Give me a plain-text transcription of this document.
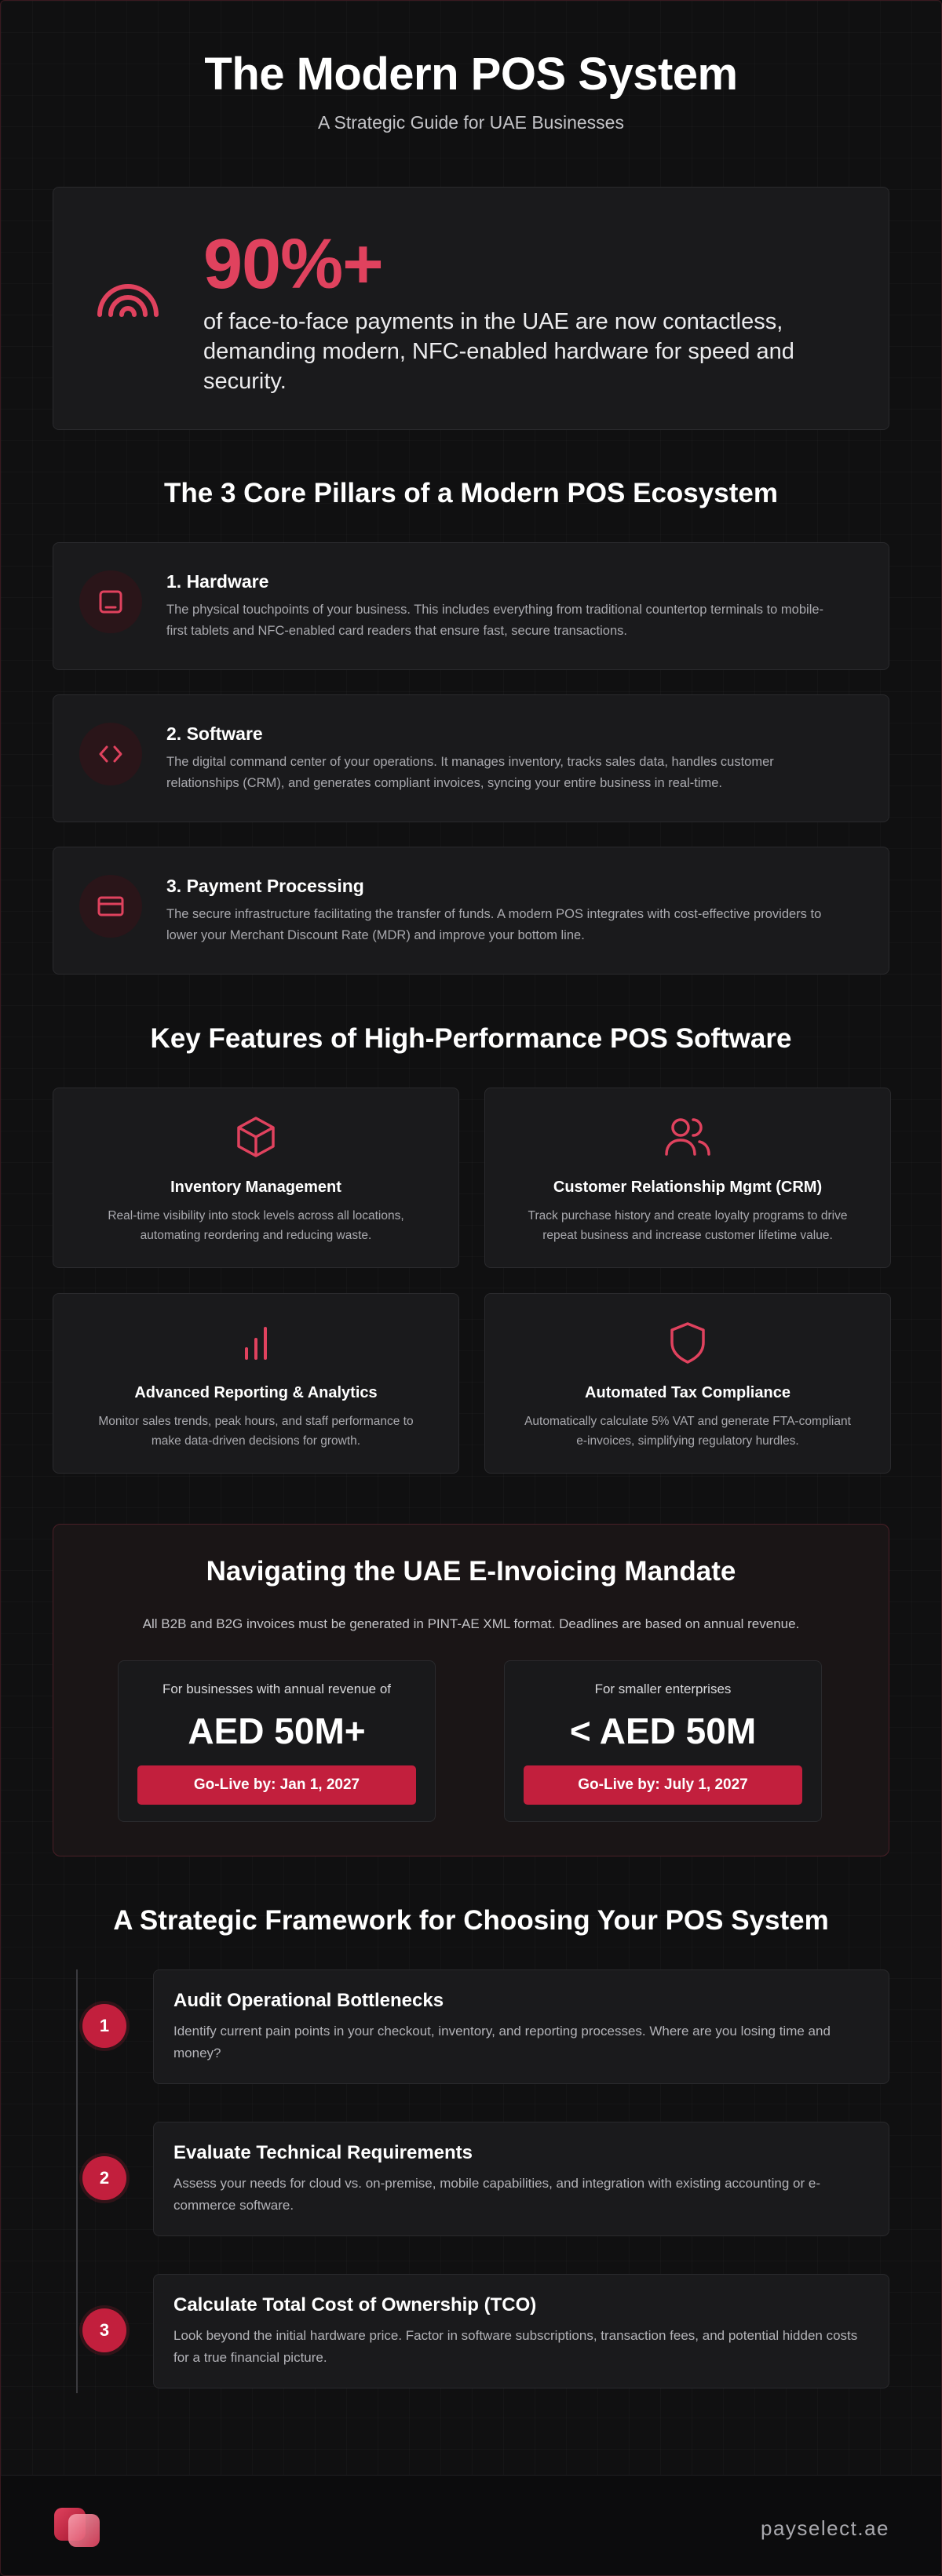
The Modern POS System
A Strategic Guide for UAE Businesses
90%+
of face-to-face payments in the UAE are now contactless, demanding modern, NFC-enabled hardware for speed and security.
The 3 Core Pillars of a Modern POS Ecosystem
1. Hardware
The physical touchpoints of your business. This includes everything from traditional countertop terminals to mobile-first tablets and NFC-enabled card readers that ensure fast, secure transactions.
2. Software
The digital command center of your operations. It manages inventory, tracks sales data, handles customer relationships (CRM), and generates compliant invoices, syncing your entire business in real-time.
3. Payment Processing
The secure infrastructure facilitating the transfer of funds. A modern POS integrates with cost-effective providers to lower your Merchant Discount Rate (MDR) and improve your bottom line.
Key Features of High-Performance POS Software
Inventory Management
Real-time visibility into stock levels across all locations, automating reordering and reducing waste.
Customer Relationship Mgmt (CRM)
Track purchase history and create loyalty programs to drive repeat business and increase customer lifetime value.
Advanced Reporting & Analytics
Monitor sales trends, peak hours, and staff performance to make data-driven decisions for growth.
Automated Tax Compliance
Automatically calculate 5% VAT and generate FTA-compliant e-invoices, simplifying regulatory hurdles.
Navigating the UAE E-Invoicing Mandate
All B2B and B2G invoices must be generated in PINT-AE XML format. Deadlines are based on annual revenue.
For businesses with annual revenue of
AED 50M+
Go-Live by: Jan 1, 2027
For smaller enterprises
< AED 50M
Go-Live by: July 1, 2027
A Strategic Framework for Choosing Your POS System
1
Audit Operational Bottlenecks
Identify current pain points in your checkout, inventory, and reporting processes. Where are you losing time and money?
2
Evaluate Technical Requirements
Assess your needs for cloud vs. on-premise, mobile capabilities, and integration with existing accounting or e-commerce software.
3
Calculate Total Cost of Ownership (TCO)
Look beyond the initial hardware price. Factor in software subscriptions, transaction fees, and potential hidden costs for a true financial picture.
payselect.ae
